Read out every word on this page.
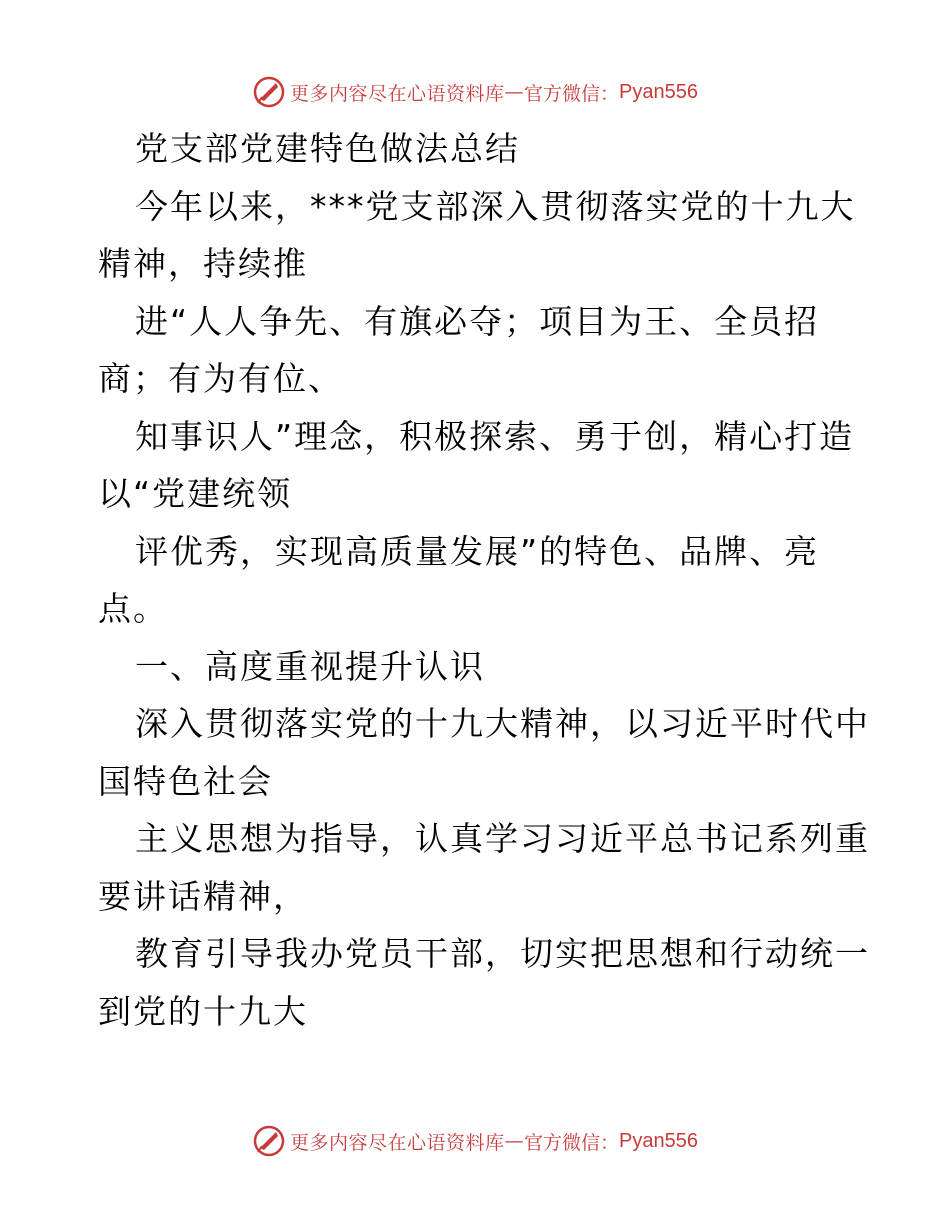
更多内容尽在心语资料库 — 官方微信： Pyan556
党支部党建特色做法总结
今年以来，***党支部深入贯彻落实党的十九大
精神，持续推
进“人人争先、有旗必夺；项目为王、全员招
商；有为有位、
知事识人”理念，积极探索、勇于创，精心打造
以“党建统领
评优秀，实现高质量发展”的特色、品牌、亮
点。
一、高度重视提升认识
深入贯彻落实党的十九大精神，以习近平时代中
国特色社会
主义思想为指导，认真学习习近平总书记系列重
要讲话精神，
教育引导我办党员干部，切实把思想和行动统一
到党的十九大
更多内容尽在心语资料库 — 官方微信： Pyan556
